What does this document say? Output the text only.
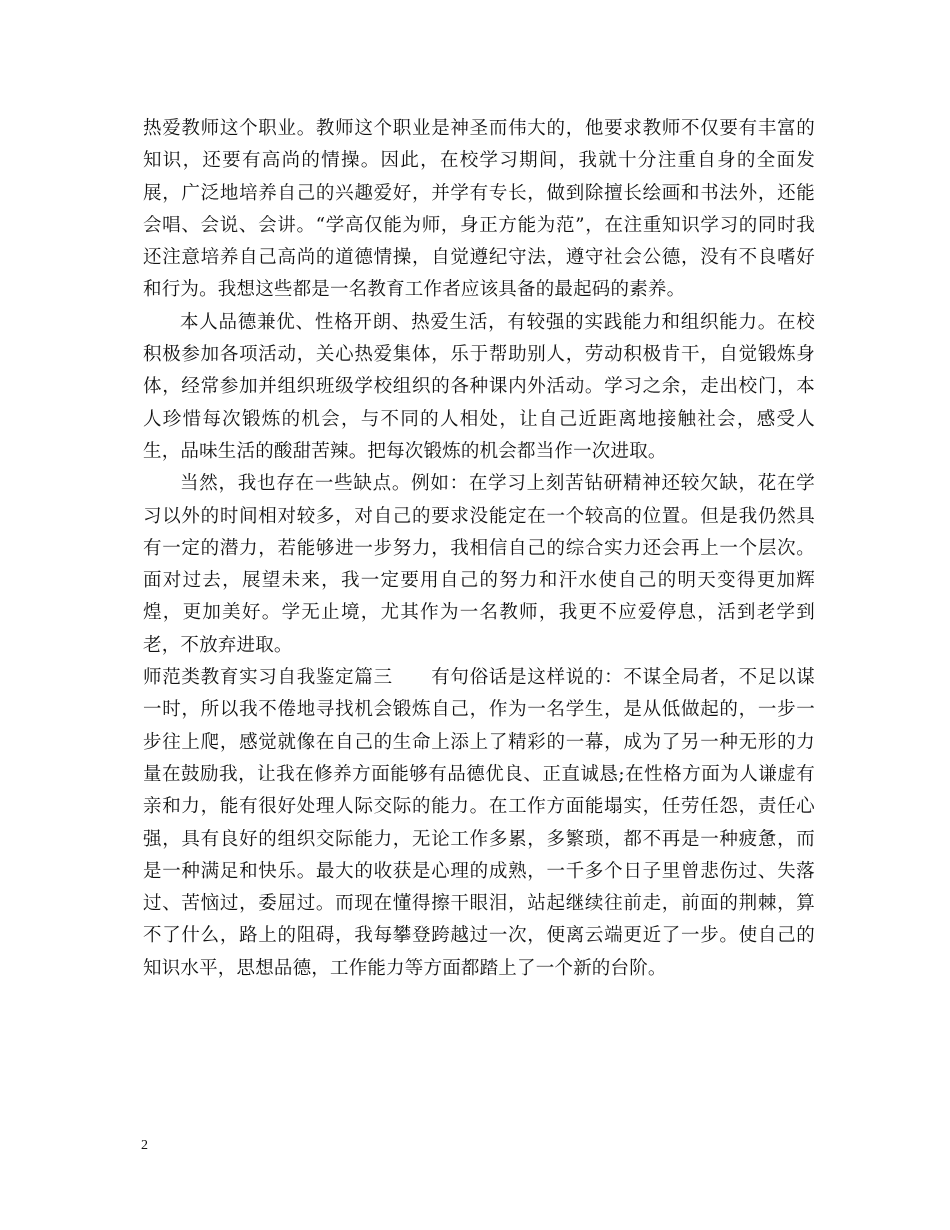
热爱教师这个职业。教师这个职业是神圣而伟大的，他要求教师不仅要有丰富的知识，还要有高尚的情操。因此，在校学习期间，我就十分注重自身的全面发展，广泛地培养自己的兴趣爱好，并学有专长，做到除擅长绘画和书法外，还能会唱、会说、会讲。“学高仅能为师，身正方能为范”，在注重知识学习的同时我还注意培养自己高尚的道德情操，自觉遵纪守法，遵守社会公德，没有不良嗜好和行为。我想这些都是一名教育工作者应该具备的最起码的素养。

本人品德兼优、性格开朗、热爱生活，有较强的实践能力和组织能力。在校积极参加各项活动，关心热爱集体，乐于帮助别人，劳动积极肯干，自觉锻炼身体，经常参加并组织班级学校组织的各种课内外活动。学习之余，走出校门，本人珍惜每次锻炼的机会，与不同的人相处，让自己近距离地接触社会，感受人生，品味生活的酸甜苦辣。把每次锻炼的机会都当作一次进取。

当然，我也存在一些缺点。例如：在学习上刻苦钻研精神还较欠缺，花在学习以外的时间相对较多，对自己的要求没能定在一个较高的位置。但是我仍然具有一定的潜力，若能够进一步努力，我相信自己的综合实力还会再上一个层次。面对过去，展望未来，我一定要用自己的努力和汗水使自己的明天变得更加辉煌，更加美好。学无止境，尤其作为一名教师，我更不应爱停息，活到老学到老，不放弃进取。

师范类教育实习自我鉴定篇三　　有句俗话是这样说的：不谋全局者，不足以谋一时，所以我不倦地寻找机会锻炼自己，作为一名学生，是从低做起的，一步一步往上爬，感觉就像在自己的生命上添上了精彩的一幕，成为了另一种无形的力量在鼓励我，让我在修养方面能够有品德优良、正直诚恳;在性格方面为人谦虚有亲和力，能有很好处理人际交际的能力。在工作方面能塌实，任劳任怨，责任心强，具有良好的组织交际能力，无论工作多累，多繁琐，都不再是一种疲惫，而是一种满足和快乐。最大的收获是心理的成熟，一千多个日子里曾悲伤过、失落过、苦恼过，委屈过。而现在懂得擦干眼泪，站起继续往前走，前面的荆棘，算不了什么，路上的阻碍，我每攀登跨越过一次，便离云端更近了一步。使自己的知识水平，思想品德，工作能力等方面都踏上了一个新的台阶。

2
